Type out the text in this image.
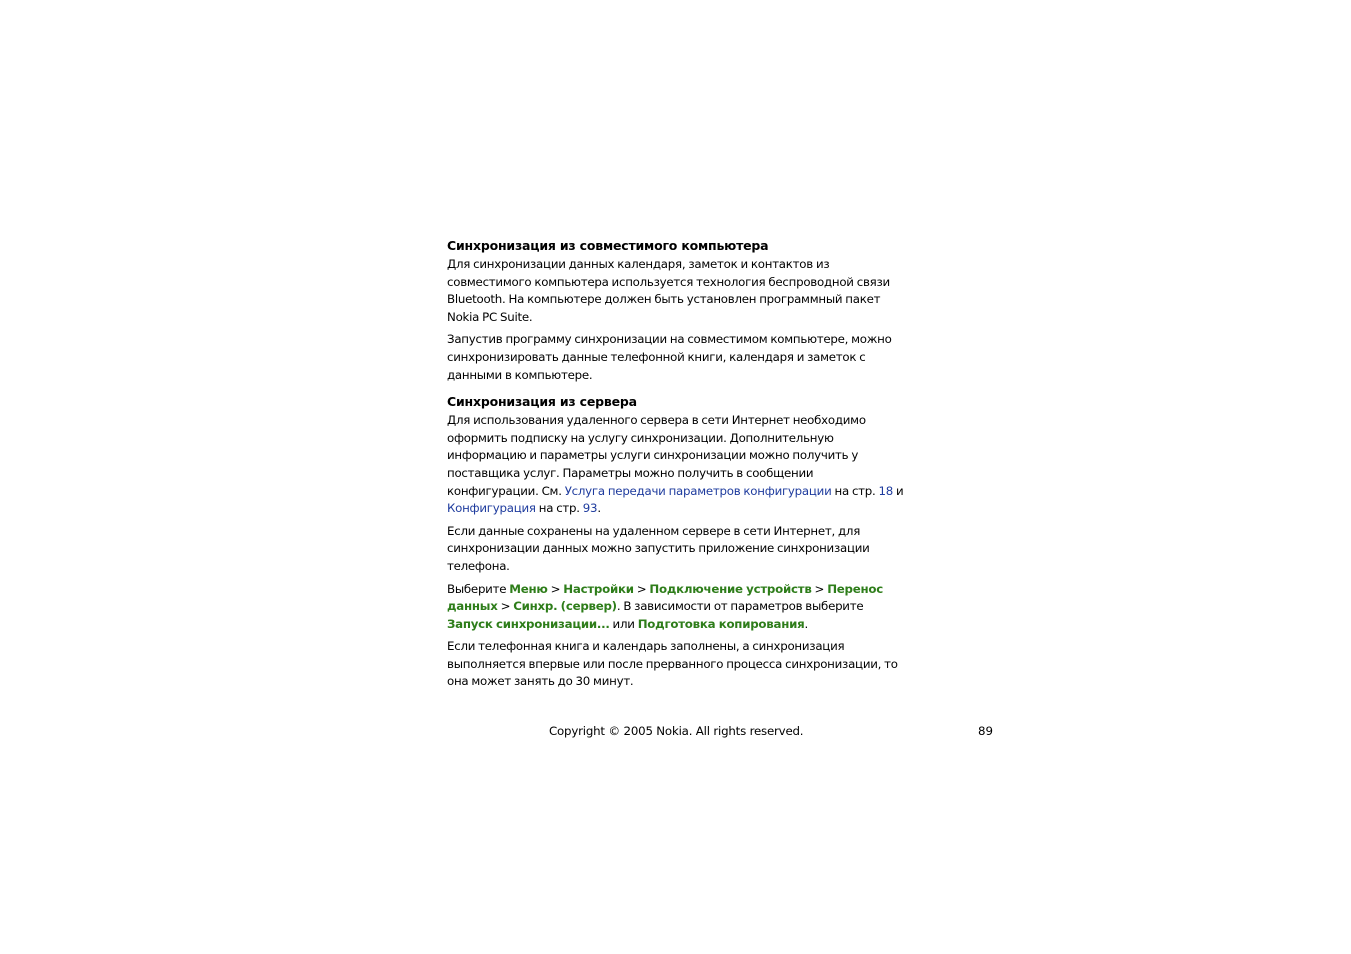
Синхронизация из совместимого компьютера

Для синхронизации данных календаря, заметок и контактов из совместимого компьютера используется технология беспроводной связи Bluetooth. На компьютере должен быть установлен программный пакет Nokia PC Suite.

Запустив программу синхронизации на совместимом компьютере, можно синхронизировать данные телефонной книги, календаря и заметок с данными в компьютере.

Синхронизация из сервера

Для использования удаленного сервера в сети Интернет необходимо оформить подписку на услугу синхронизации. Дополнительную информацию и параметры услуги синхронизации можно получить у поставщика услуг. Параметры можно получить в сообщении конфигурации. См. Услуга передачи параметров конфигурации на стр. 18 и Конфигурация на стр. 93.

Если данные сохранены на удаленном сервере в сети Интернет, для синхронизации данных можно запустить приложение синхронизации телефона.

Выберите Меню > Настройки > Подключение устройств > Перенос данных > Синхр. (сервер). В зависимости от параметров выберите Запуск синхронизации... или Подготовка копирования.

Если телефонная книга и календарь заполнены, а синхронизация выполняется впервые или после прерванного процесса синхронизации, то она может занять до 30 минут.

Copyright © 2005 Nokia. All rights reserved.	89
